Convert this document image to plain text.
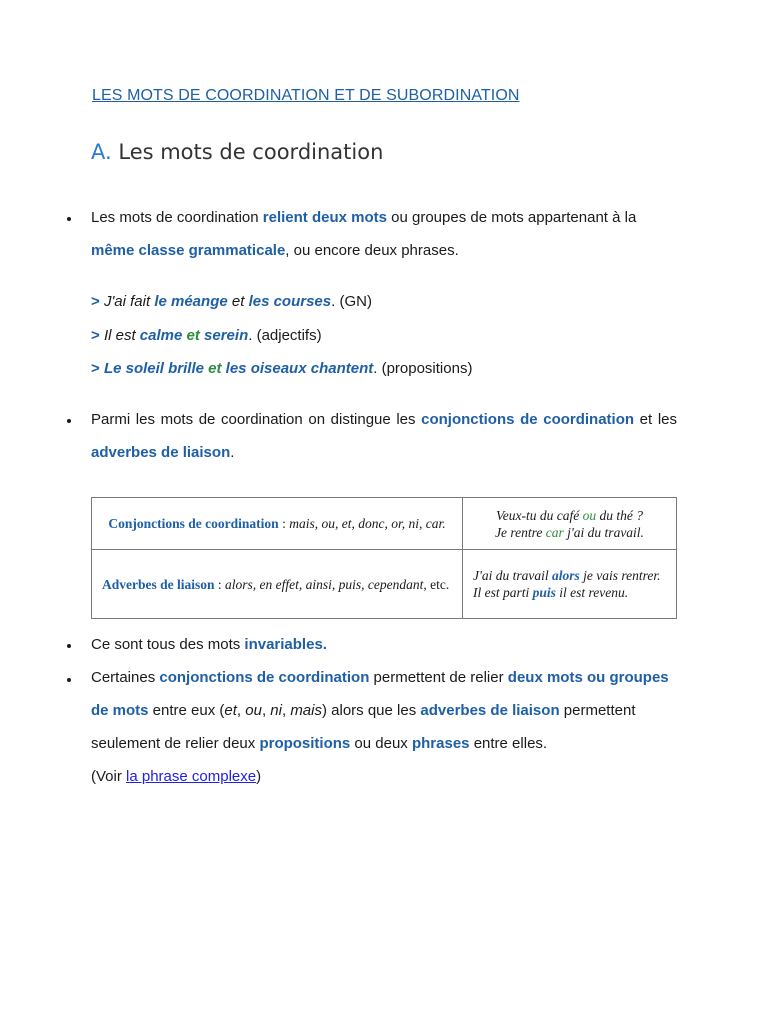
LES MOTS DE COORDINATION ET DE SUBORDINATION
A. Les mots de coordination
Les mots de coordination relient deux mots ou groupes de mots appartenant à la même classe grammaticale, ou encore deux phrases.
> J'ai fait le méange et les courses. (GN)
> Il est calme et serein. (adjectifs)
> Le soleil brille et les oiseaux chantent. (propositions)
Parmi les mots de coordination on distingue les conjonctions de coordination et les adverbes de liaison.
Conjonctions de coordination : mais, ou, et, donc, or, ni, car.	Veux-tu du café ou du thé ?
Je rentre car j'ai du travail.
Adverbes de liaison : alors, en effet, ainsi, puis, cependant, etc.	J'ai du travail alors je vais rentrer.
Il est parti puis il est revenu.
Ce sont tous des mots invariables.
Certaines conjonctions de coordination permettent de relier deux mots ou groupes de mots entre eux (et, ou, ni, mais) alors que les adverbes de liaison permettent seulement de relier deux propositions ou deux phrases entre elles.
(Voir la phrase complexe)
